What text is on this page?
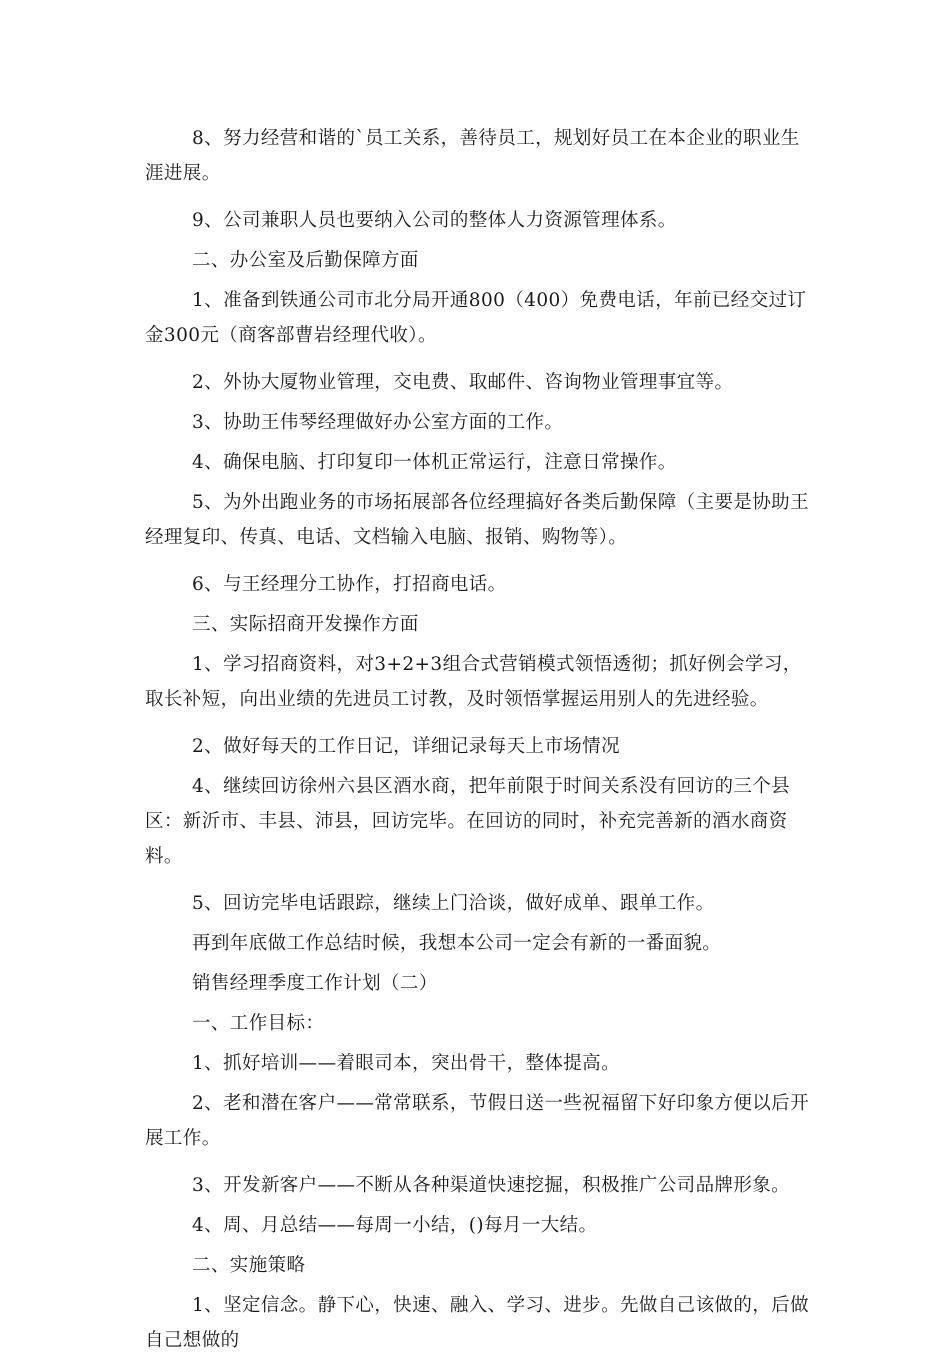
8、努力经营和谐的`员工关系，善待员工，规划好员工在本企业的职业生涯进展。

9、公司兼职人员也要纳入公司的整体人力资源管理体系。

二、办公室及后勤保障方面

1、准备到铁通公司市北分局开通800（400）免费电话，年前已经交过订金300元（商客部曹岩经理代收）。

2、外协大厦物业管理，交电费、取邮件、咨询物业管理事宜等。

3、协助王伟琴经理做好办公室方面的工作。

4、确保电脑、打印复印一体机正常运行，注意日常操作。

5、为外出跑业务的市场拓展部各位经理搞好各类后勤保障（主要是协助王经理复印、传真、电话、文档输入电脑、报销、购物等）。

6、与王经理分工协作，打招商电话。

三、实际招商开发操作方面

1、学习招商资料，对3+2+3组合式营销模式领悟透彻；抓好例会学习，取长补短，向出业绩的先进员工讨教，及时领悟掌握运用别人的先进经验。

2、做好每天的工作日记，详细记录每天上市场情况

4、继续回访徐州六县区酒水商，把年前限于时间关系没有回访的三个县区：新沂市、丰县、沛县，回访完毕。在回访的同时，补充完善新的酒水商资料。

5、回访完毕电话跟踪，继续上门洽谈，做好成单、跟单工作。

再到年底做工作总结时候，我想本公司一定会有新的一番面貌。

销售经理季度工作计划（二）

一、工作目标：

1、抓好培训——着眼司本，突出骨干，整体提高。

2、老和潜在客户——常常联系，节假日送一些祝福留下好印象方便以后开展工作。

3、开发新客户——不断从各种渠道快速挖掘，积极推广公司品牌形象。

4、周、月总结——每周一小结，()每月一大结。

二、实施策略

1、坚定信念。静下心，快速、融入、学习、进步。先做自己该做的，后做自己想做的
